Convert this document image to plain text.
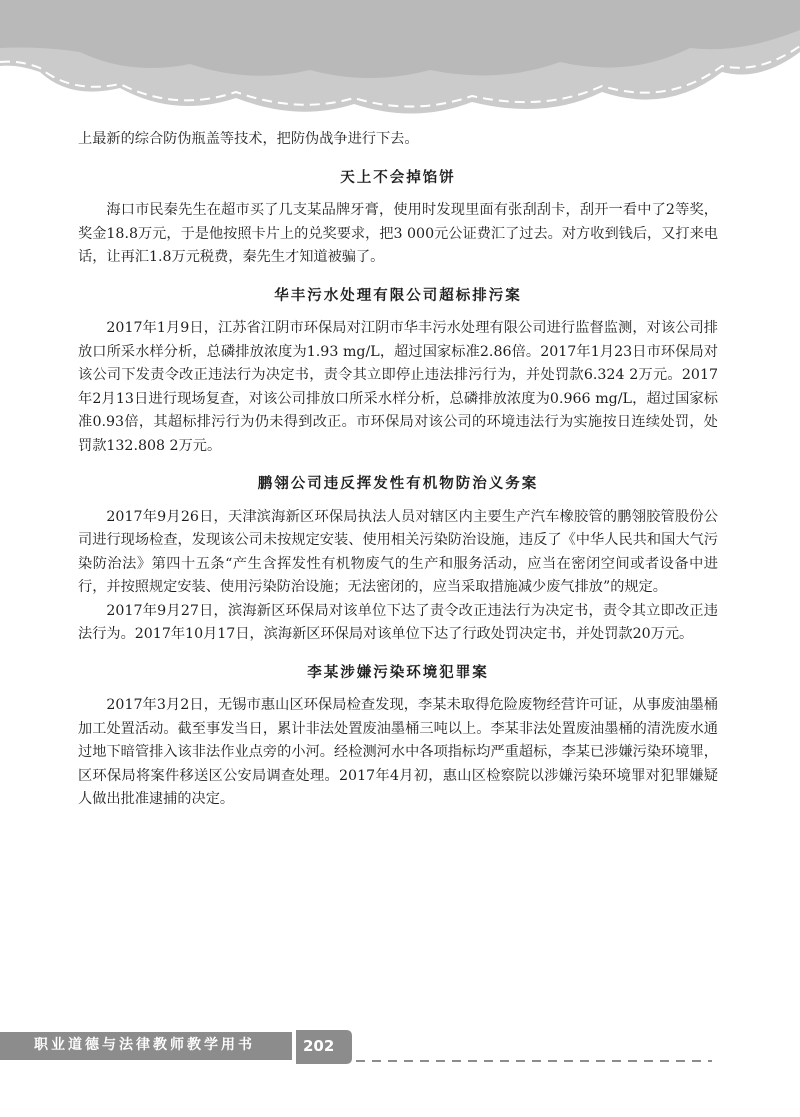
上最新的综合防伪瓶盖等技术，把防伪战争进行下去。

天上不会掉馅饼

海口市民秦先生在超市买了几支某品牌牙膏，使用时发现里面有张刮刮卡，刮开一看中了2等奖，奖金18.8万元，于是他按照卡片上的兑奖要求，把3 000元公证费汇了过去。对方收到钱后，又打来电话，让再汇1.8万元税费，秦先生才知道被骗了。

华丰污水处理有限公司超标排污案

2017年1月9日，江苏省江阴市环保局对江阴市华丰污水处理有限公司进行监督监测，对该公司排放口所采水样分析，总磷排放浓度为1.93 mg/L，超过国家标准2.86倍。2017年1月23日市环保局对该公司下发责令改正违法行为决定书，责令其立即停止违法排污行为，并处罚款6.324 2万元。2017年2月13日进行现场复查，对该公司排放口所采水样分析，总磷排放浓度为0.966 mg/L，超过国家标准0.93倍，其超标排污行为仍未得到改正。市环保局对该公司的环境违法行为实施按日连续处罚，处罚款132.808 2万元。

鹏翎公司违反挥发性有机物防治义务案

2017年9月26日，天津滨海新区环保局执法人员对辖区内主要生产汽车橡胶管的鹏翎胶管股份公司进行现场检查，发现该公司未按规定安装、使用相关污染防治设施，违反了《中华人民共和国大气污染防治法》第四十五条“产生含挥发性有机物废气的生产和服务活动，应当在密闭空间或者设备中进行，并按照规定安装、使用污染防治设施；无法密闭的，应当采取措施减少废气排放”的规定。

2017年9月27日，滨海新区环保局对该单位下达了责令改正违法行为决定书，责令其立即改正违法行为。2017年10月17日，滨海新区环保局对该单位下达了行政处罚决定书，并处罚款20万元。

李某涉嫌污染环境犯罪案

2017年3月2日，无锡市惠山区环保局检查发现，李某未取得危险废物经营许可证，从事废油墨桶加工处置活动。截至事发当日，累计非法处置废油墨桶三吨以上。李某非法处置废油墨桶的清洗废水通过地下暗管排入该非法作业点旁的小河。经检测河水中各项指标均严重超标，李某已涉嫌污染环境罪，区环保局将案件移送区公安局调查处理。2017年4月初，惠山区检察院以涉嫌污染环境罪对犯罪嫌疑人做出批准逮捕的决定。

职业道德与法律教师教学用书	202
